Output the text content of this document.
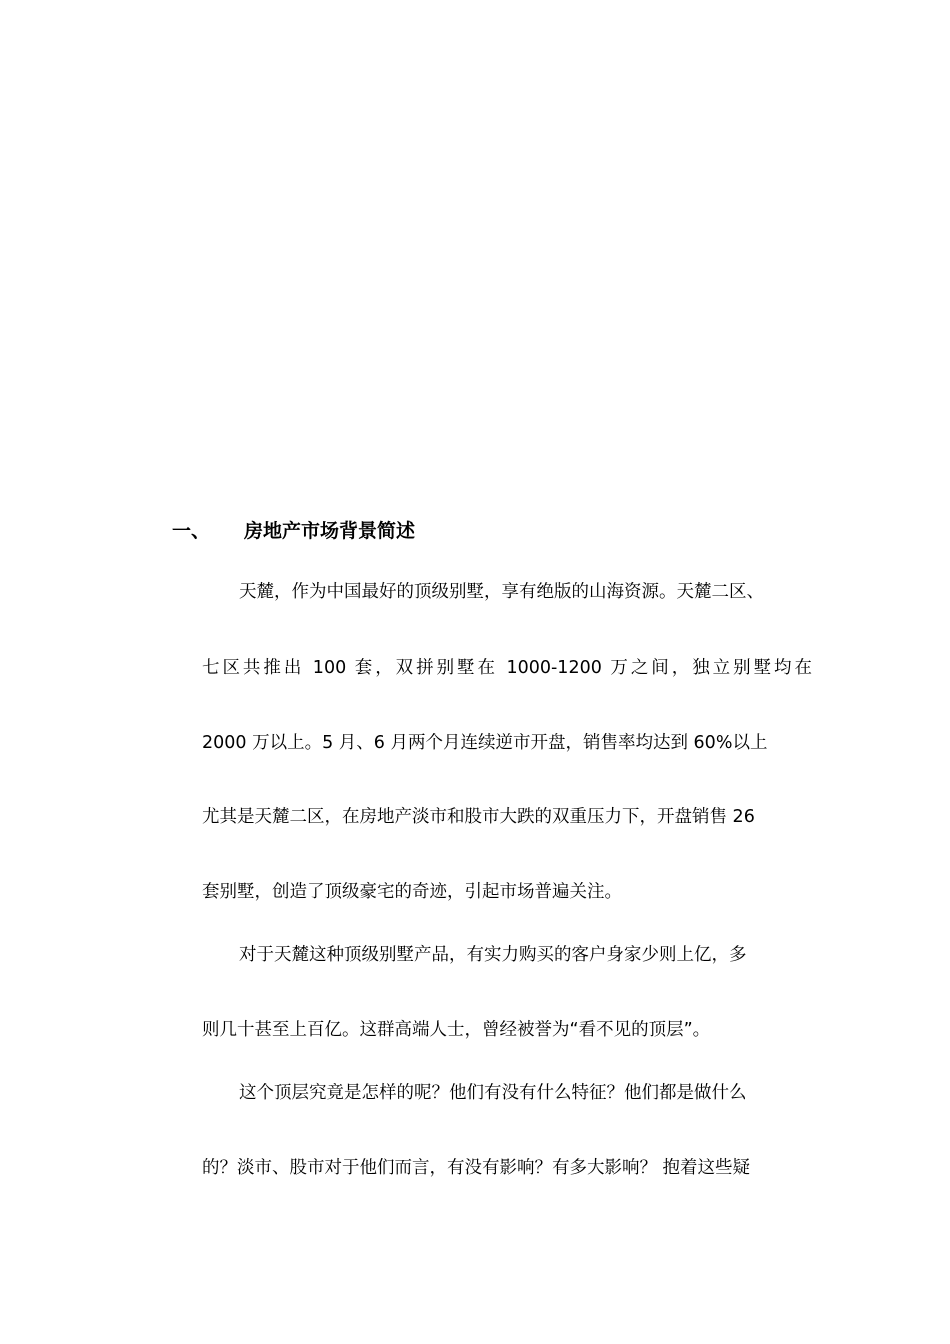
一、 房地产市场背景简述
天麓，作为中国最好的顶级别墅，享有绝版的山海资源。天麓二区、
七区共推出 100 套，双拼别墅在 1000-1200 万之间，独立别墅均在
2000 万以上。5 月、6 月两个月连续逆市开盘，销售率均达到 60%以上
尤其是天麓二区，在房地产淡市和股市大跌的双重压力下，开盘销售 26
套别墅，创造了顶级豪宅的奇迹，引起市场普遍关注。
对于天麓这种顶级别墅产品，有实力购买的客户身家少则上亿，多
则几十甚至上百亿。这群高端人士，曾经被誉为“看不见的顶层”。
这个顶层究竟是怎样的呢？他们有没有什么特征？他们都是做什么
的？淡市、股市对于他们而言，有没有影响？有多大影响？ 抱着这些疑
